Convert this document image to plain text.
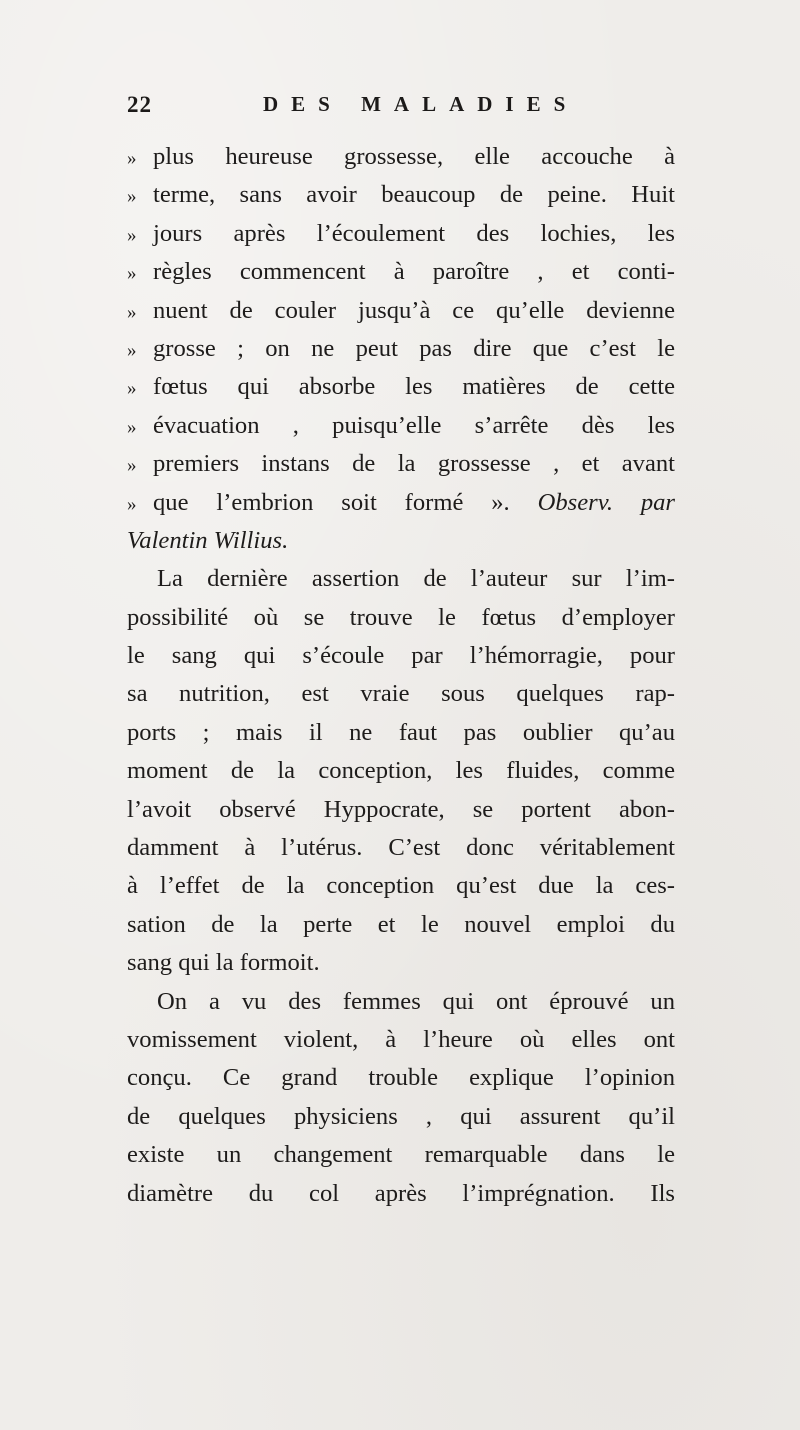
22	DES MALADIES
» plus heureuse grossesse, elle accouche à
» terme, sans avoir beaucoup de peine. Huit
» jours après l’écoulement des lochies, les
» règles commencent à paroître , et conti-
» nuent de couler jusqu’à ce qu’elle devienne
» grosse ; on ne peut pas dire que c’est le
» fœtus qui absorbe les matières de cette
» évacuation , puisqu’elle s’arrête dès les
» premiers instans de la grossesse , et avant
» que l’embrion soit formé ». Observ. par
Valentin Willius.
La dernière assertion de l’auteur sur l’im-
possibilité où se trouve le fœtus d’employer
le sang qui s’écoule par l’hémorragie, pour
sa nutrition, est vraie sous quelques rap-
ports ; mais il ne faut pas oublier qu’au
moment de la conception, les fluides, comme
l’avoit observé Hyppocrate, se portent abon-
damment à l’utérus. C’est donc véritablement
à l’effet de la conception qu’est due la ces-
sation de la perte et le nouvel emploi du
sang qui la formoit.
On a vu des femmes qui ont éprouvé un
vomissement violent, à l’heure où elles ont
conçu. Ce grand trouble explique l’opinion
de quelques physiciens , qui assurent qu’il
existe un changement remarquable dans le
diamètre du col après l’imprégnation. Ils
